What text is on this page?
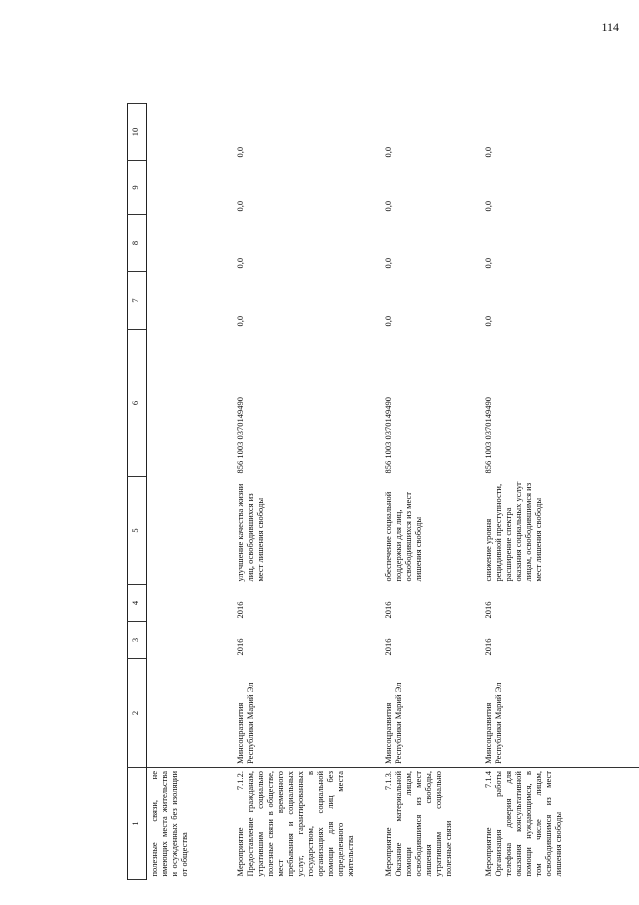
114
1	2	3	4	5	6	7	8	9	10
полезные связи, не имеющих места жительства и осужденных без изоляции от общества									
Мероприятие 7.1.2. Предоставление гражданам, утратившим социально полезные связи в обществе, мест временного пребывания и социальных услуг, гарантированных государством, в организациях социальной помощи для лиц без определенного места жительства	Минсоцразвития Республики Марий Эл	2016	2016	улучшение качества жизни лиц, освободившихся из мест лишения свободы	856 1003 0370149490	0,0	0,0	0,0	0,0
Мероприятие 7.1.3. Оказание материальной помощи лицам, освободившимся из мест лишения свободы, утратившим социально полезные связи	Минсоцразвития Республики Марий Эл	2016	2016	обеспечение социальной поддержки для лиц, освободившихся из мест лишения свободы	856 1003 0370149490	0,0	0,0	0,0	0,0
Мероприятие 7.1.4 Организация работы телефона доверия для оказания консультативной помощи нуждающимся, в том числе лицам, освободившимся из мест лишения свободы	Минсоцразвития Республики Марий Эл	2016	2016	снижение уровня рецидивной преступности, расширение спектра оказания социальных услуг лицам, освободившимся из мест лишения свободы	856 1003 0370149490	0,0	0,0	0,0	0,0
